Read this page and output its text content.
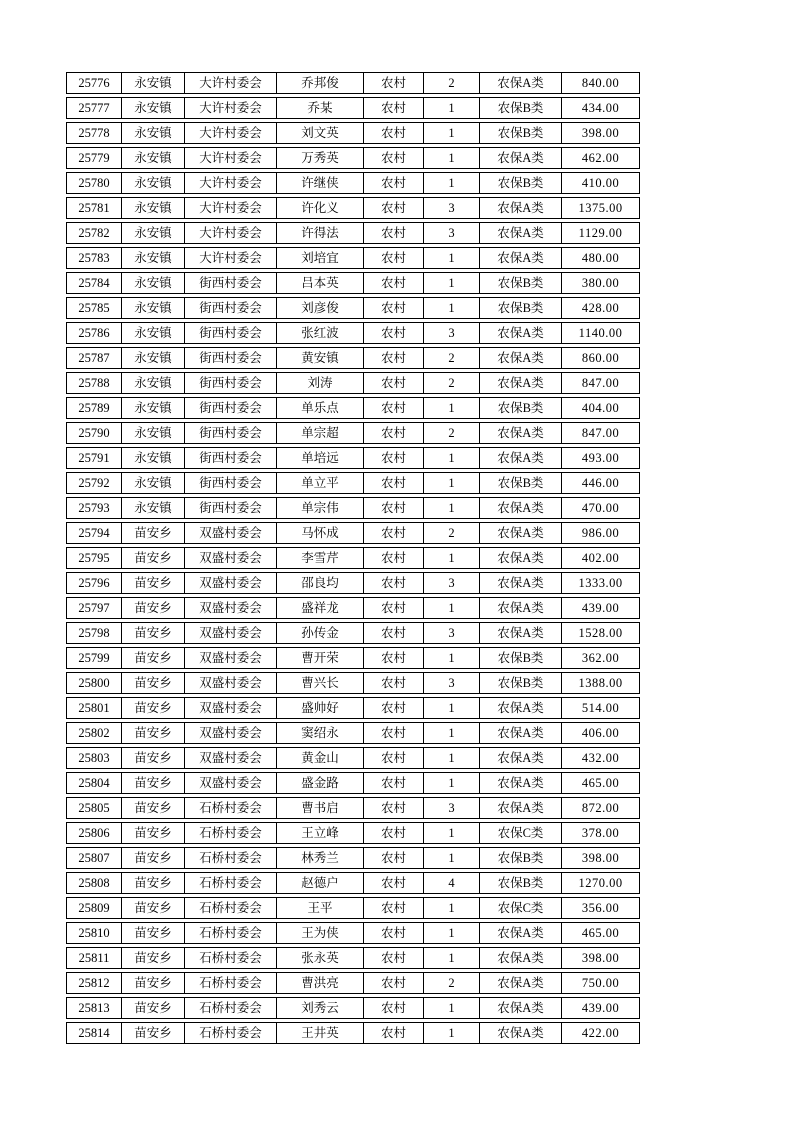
25776	永安镇	大许村委会	乔邦俊	农村	2	农保A类	840.00
25777	永安镇	大许村委会	乔某	农村	1	农保B类	434.00
25778	永安镇	大许村委会	刘文英	农村	1	农保B类	398.00
25779	永安镇	大许村委会	万秀英	农村	1	农保A类	462.00
25780	永安镇	大许村委会	许继侠	农村	1	农保B类	410.00
25781	永安镇	大许村委会	许化义	农村	3	农保A类	1375.00
25782	永安镇	大许村委会	许得法	农村	3	农保A类	1129.00
25783	永安镇	大许村委会	刘培宜	农村	1	农保A类	480.00
25784	永安镇	街西村委会	吕本英	农村	1	农保B类	380.00
25785	永安镇	街西村委会	刘彦俊	农村	1	农保B类	428.00
25786	永安镇	街西村委会	张红波	农村	3	农保A类	1140.00
25787	永安镇	街西村委会	黄安镇	农村	2	农保A类	860.00
25788	永安镇	街西村委会	刘涛	农村	2	农保A类	847.00
25789	永安镇	街西村委会	单乐点	农村	1	农保B类	404.00
25790	永安镇	街西村委会	单宗超	农村	2	农保A类	847.00
25791	永安镇	街西村委会	单培远	农村	1	农保A类	493.00
25792	永安镇	街西村委会	单立平	农村	1	农保B类	446.00
25793	永安镇	街西村委会	单宗伟	农村	1	农保A类	470.00
25794	苗安乡	双盛村委会	马怀成	农村	2	农保A类	986.00
25795	苗安乡	双盛村委会	李雪芹	农村	1	农保A类	402.00
25796	苗安乡	双盛村委会	邵良均	农村	3	农保A类	1333.00
25797	苗安乡	双盛村委会	盛祥龙	农村	1	农保A类	439.00
25798	苗安乡	双盛村委会	孙传金	农村	3	农保A类	1528.00
25799	苗安乡	双盛村委会	曹开荣	农村	1	农保B类	362.00
25800	苗安乡	双盛村委会	曹兴长	农村	3	农保B类	1388.00
25801	苗安乡	双盛村委会	盛帅好	农村	1	农保A类	514.00
25802	苗安乡	双盛村委会	窦绍永	农村	1	农保A类	406.00
25803	苗安乡	双盛村委会	黄金山	农村	1	农保A类	432.00
25804	苗安乡	双盛村委会	盛金路	农村	1	农保A类	465.00
25805	苗安乡	石桥村委会	曹书启	农村	3	农保A类	872.00
25806	苗安乡	石桥村委会	王立峰	农村	1	农保C类	378.00
25807	苗安乡	石桥村委会	林秀兰	农村	1	农保B类	398.00
25808	苗安乡	石桥村委会	赵德户	农村	4	农保B类	1270.00
25809	苗安乡	石桥村委会	王平	农村	1	农保C类	356.00
25810	苗安乡	石桥村委会	王为侠	农村	1	农保A类	465.00
25811	苗安乡	石桥村委会	张永英	农村	1	农保A类	398.00
25812	苗安乡	石桥村委会	曹洪亮	农村	2	农保A类	750.00
25813	苗安乡	石桥村委会	刘秀云	农村	1	农保A类	439.00
25814	苗安乡	石桥村委会	王井英	农村	1	农保A类	422.00
